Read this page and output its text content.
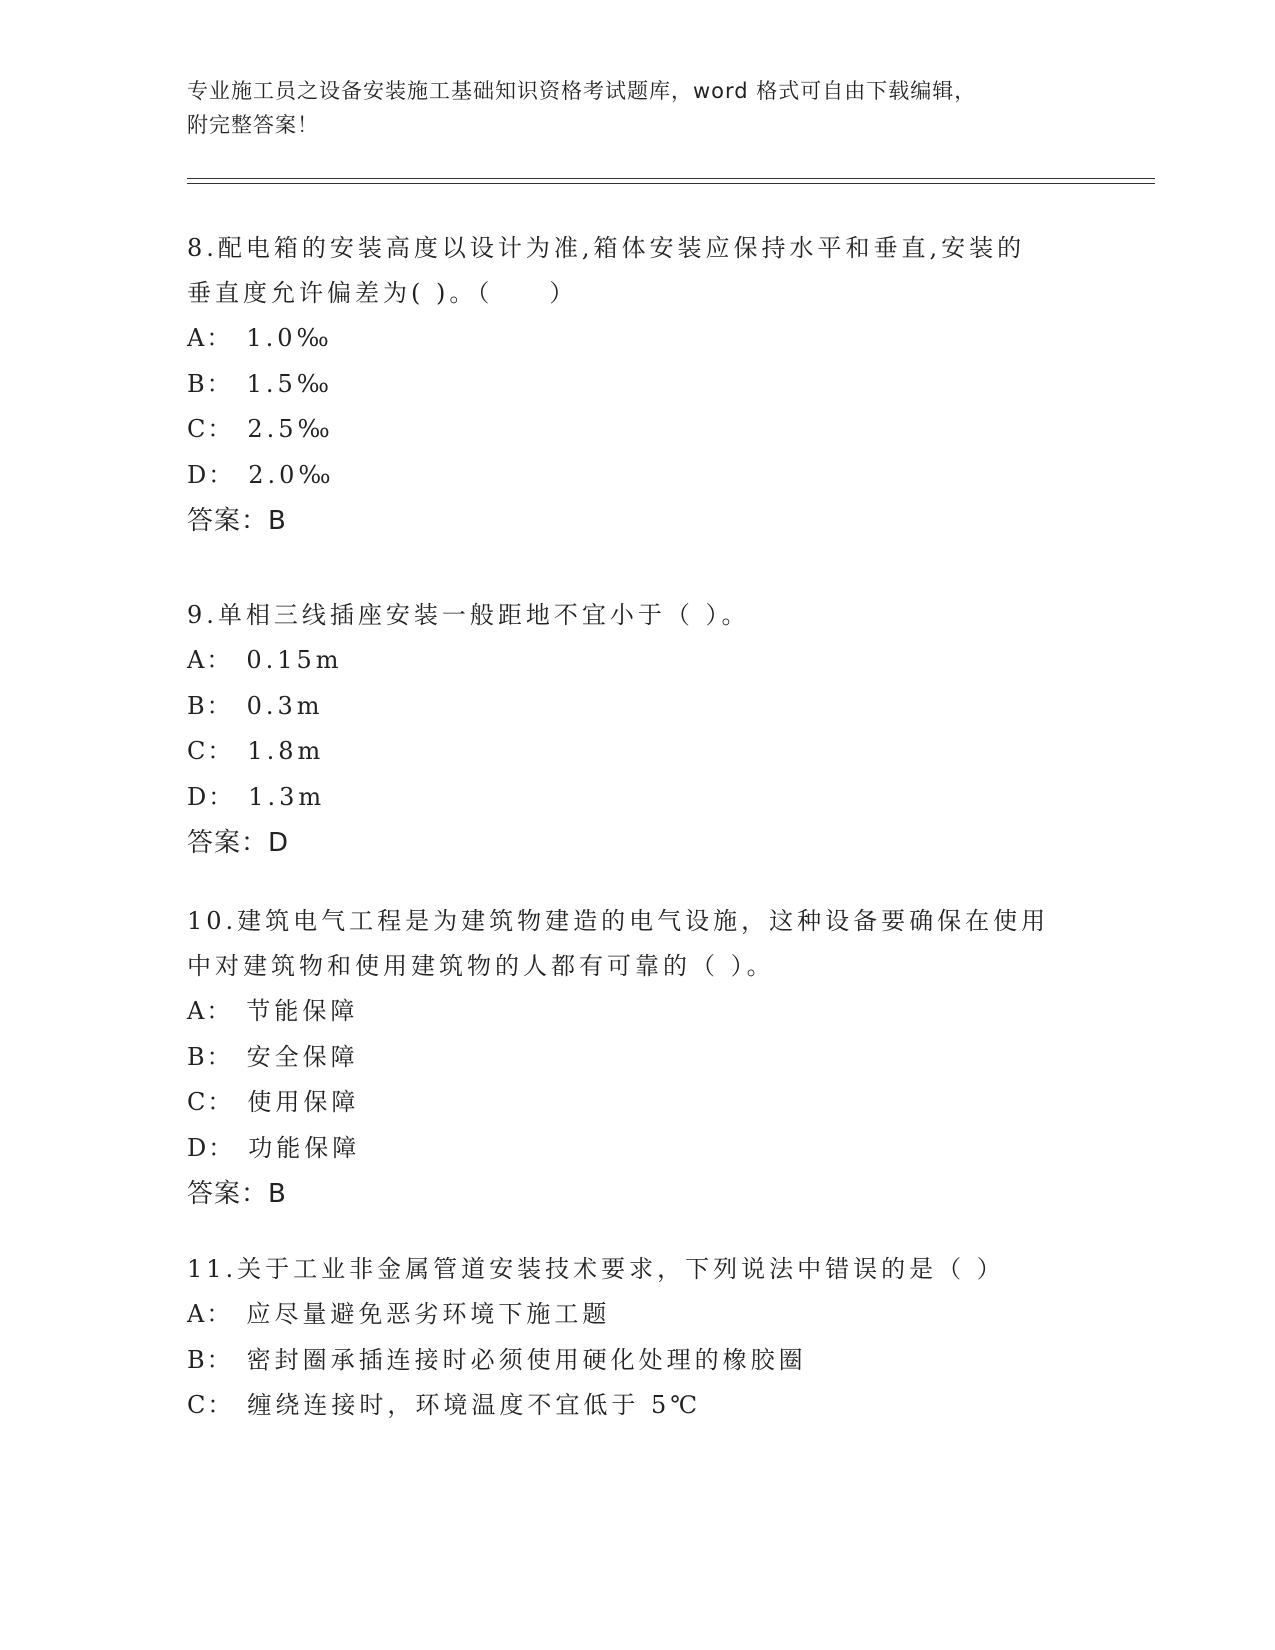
专业施工员之设备安装施工基础知识资格考试题库，word 格式可自由下载编辑，
附完整答案！
8.配电箱的安装高度以设计为准,箱体安装应保持水平和垂直,安装的
垂直度允许偏差为( )。（　　）
A： 1.0‰
B： 1.5‰
C： 2.5‰
D： 2.0‰
答案：B
9.单相三线插座安装一般距地不宜小于（ ）。
A： 0.15m
B： 0.3m
C： 1.8m
D： 1.3m
答案：D
10.建筑电气工程是为建筑物建造的电气设施，这种设备要确保在使用
中对建筑物和使用建筑物的人都有可靠的（ ）。
A： 节能保障
B： 安全保障
C： 使用保障
D： 功能保障
答案：B
11.关于工业非金属管道安装技术要求，下列说法中错误的是（ ）
A： 应尽量避免恶劣环境下施工题
B： 密封圈承插连接时必须使用硬化处理的橡胶圈
C： 缠绕连接时，环境温度不宜低于 5℃
